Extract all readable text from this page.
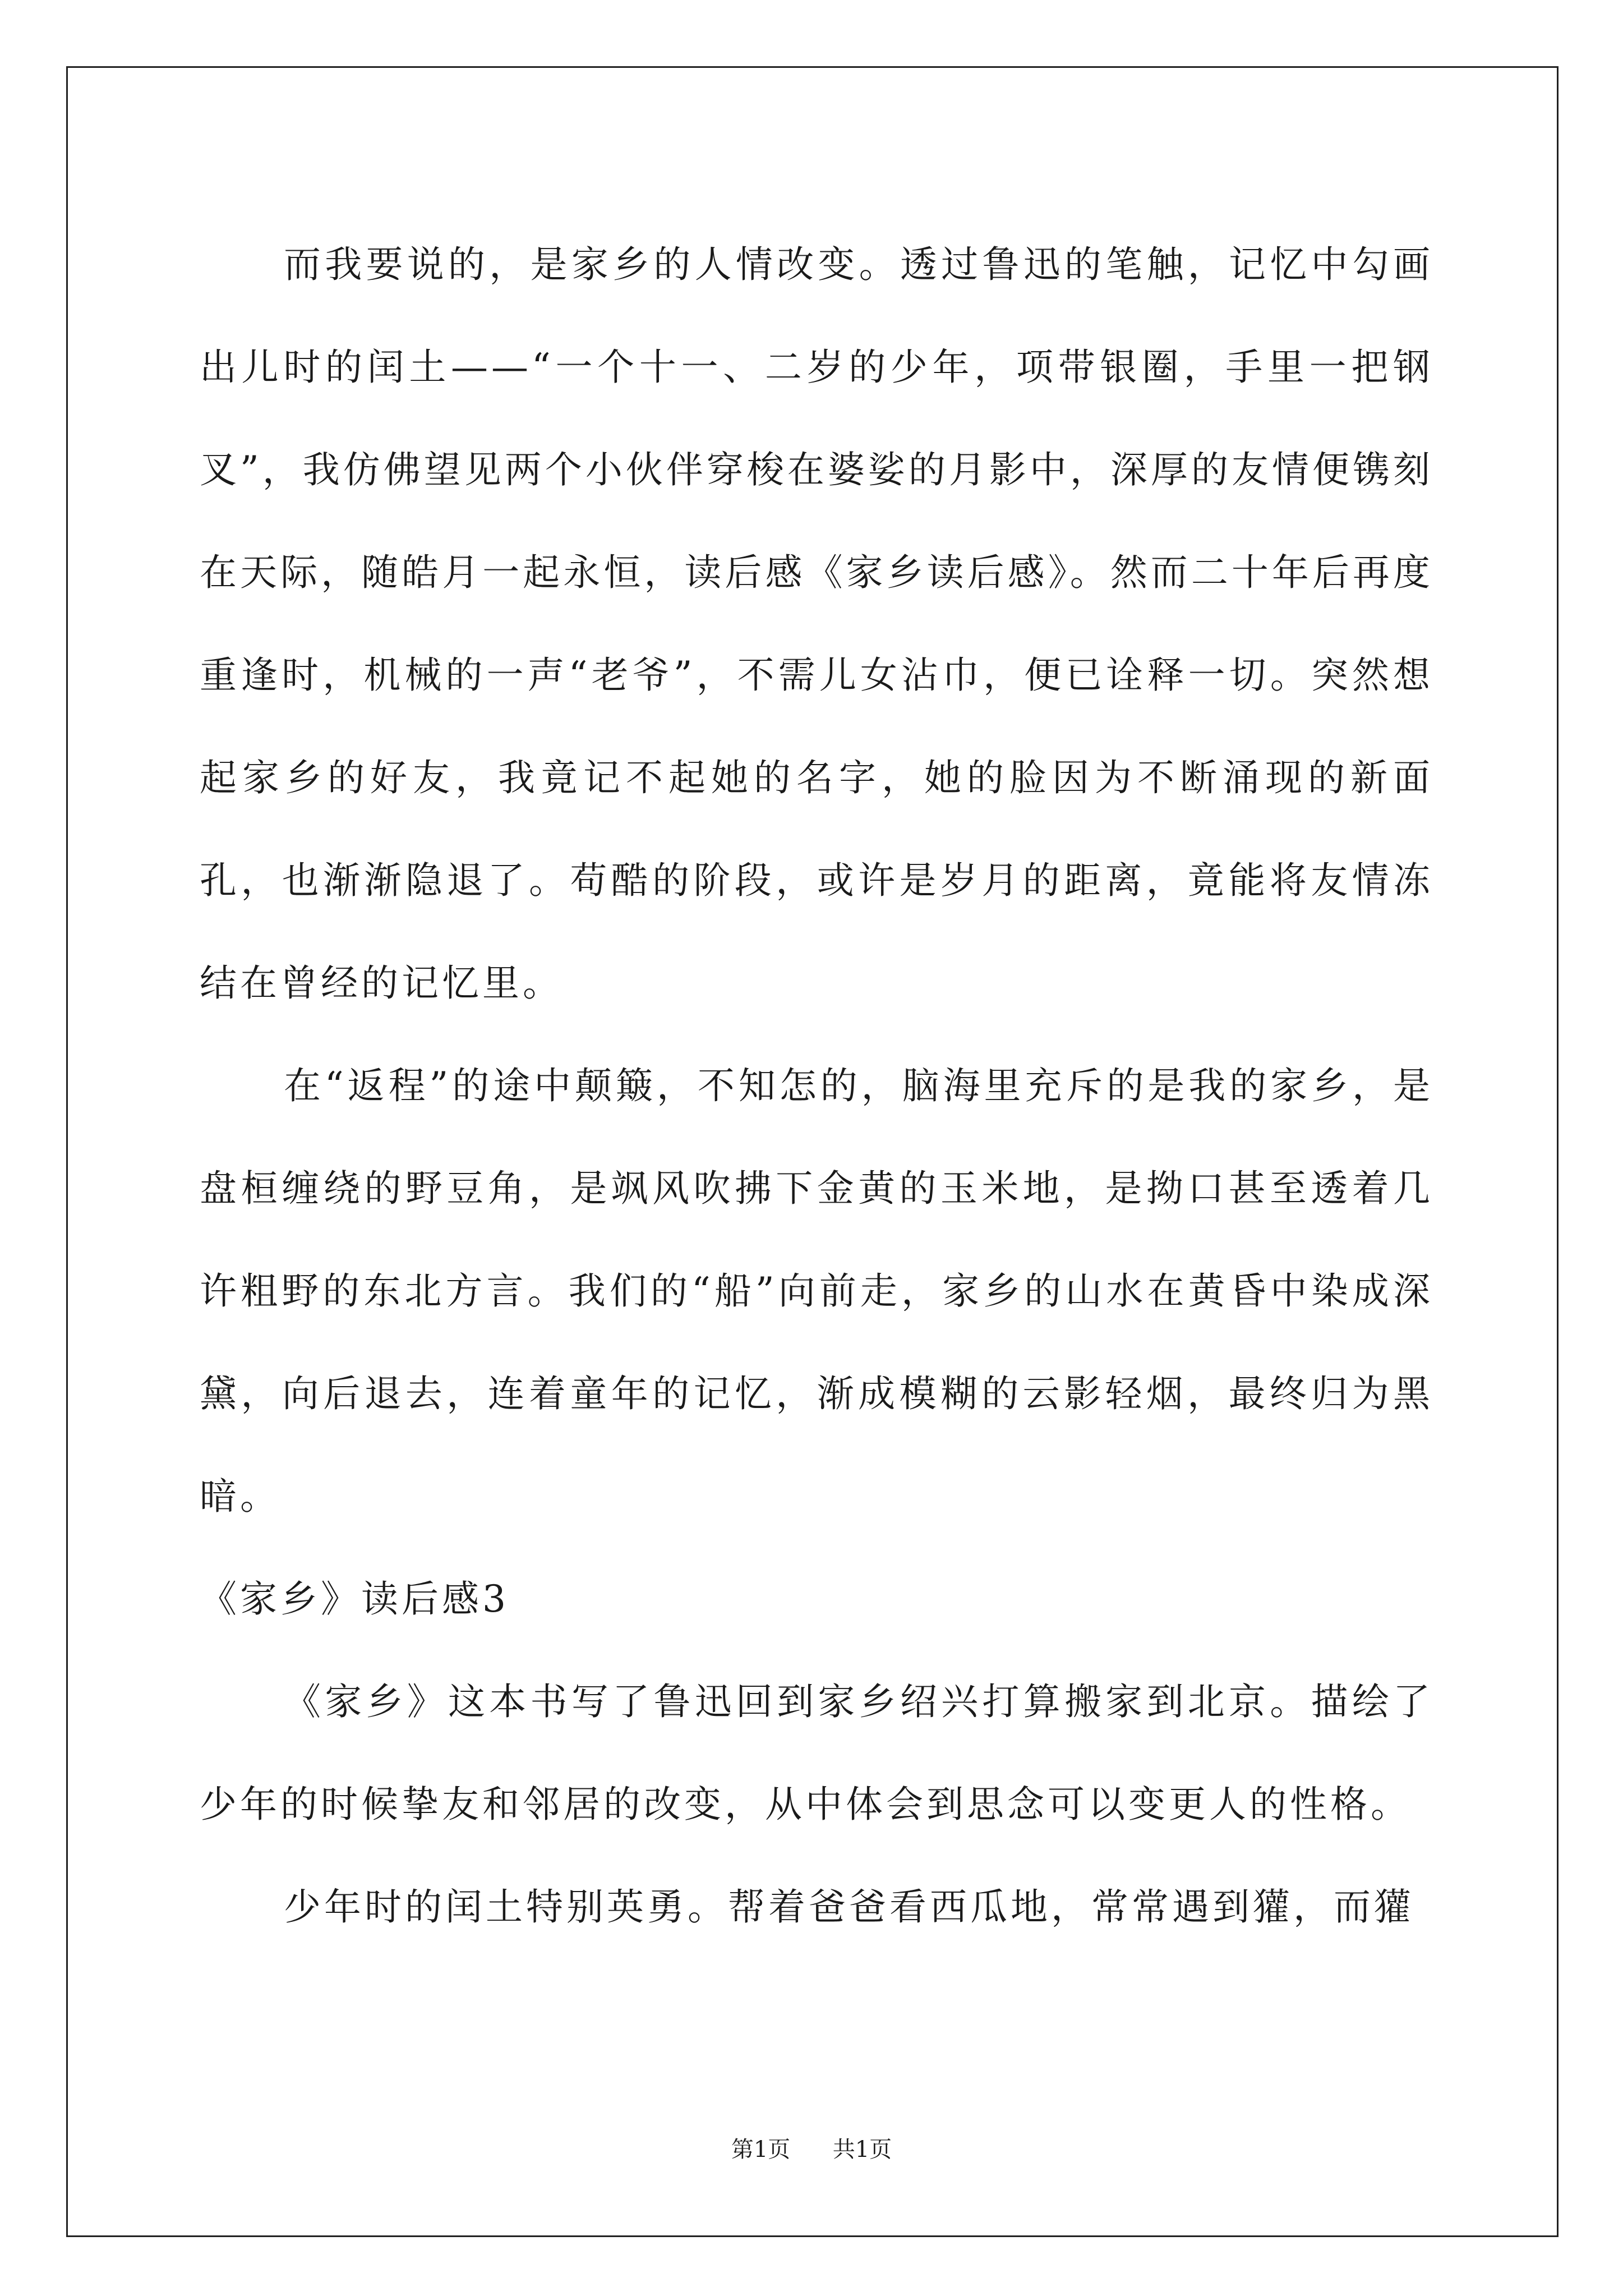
而我要说的，是家乡的人情改变。透过鲁迅的笔触，记忆中勾画出儿时的闰土——“一个十一、二岁的少年，项带银圈，手里一把钢叉”，我仿佛望见两个小伙伴穿梭在婆娑的月影中，深厚的友情便镌刻在天际，随皓月一起永恒，读后感《家乡读后感》。然而二十年后再度重逢时，机械的一声“老爷”，不需儿女沾巾，便已诠释一切。突然想起家乡的好友，我竟记不起她的名字，她的脸因为不断涌现的新面孔，也渐渐隐退了。苟酷的阶段，或许是岁月的距离，竟能将友情冻结在曾经的记忆里。

在“返程”的途中颠簸，不知怎的，脑海里充斥的是我的家乡，是盘桓缠绕的野豆角，是飒风吹拂下金黄的玉米地，是拗口甚至透着几许粗野的东北方言。我们的“船”向前走，家乡的山水在黄昏中染成深黛，向后退去，连着童年的记忆，渐成模糊的云影轻烟，最终归为黑暗。

《家乡》读后感3

《家乡》这本书写了鲁迅回到家乡绍兴打算搬家到北京。描绘了少年的时候挚友和邻居的改变，从中体会到思念可以变更人的性格。

少年时的闰土特别英勇。帮着爸爸看西瓜地，常常遇到獾，而獾

第1页 共1页
